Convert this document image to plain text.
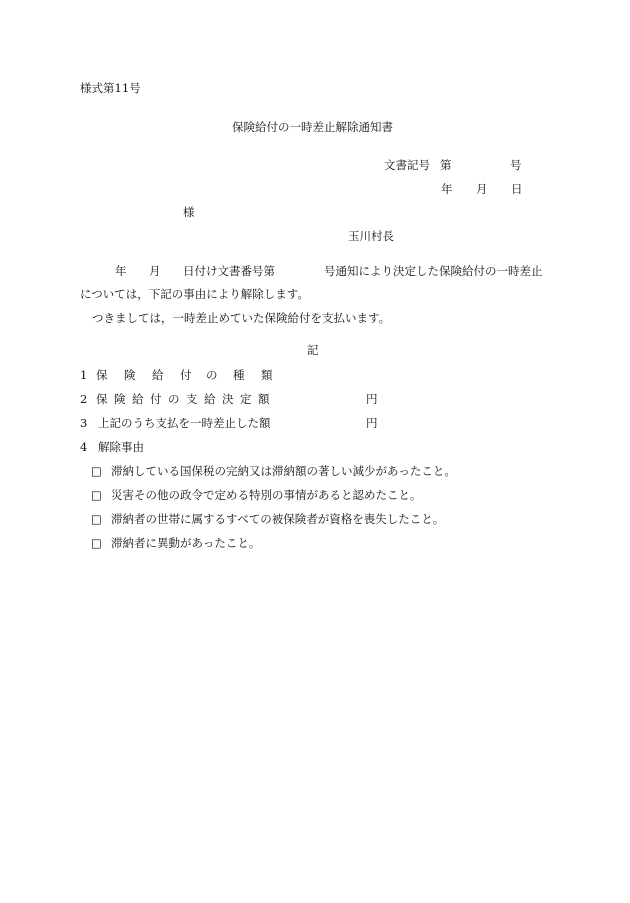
様式第11号
保険給付の一時差止解除通知書
文書記号 第	号
年 月 日
様
玉川村長
年 月 日付け文書番号第	号通知により決定した保険給付の一時差止
については，下記の事由により解除します。
つきましては，一時差止めていた保険給付を支払います。
記
1 保 険 給 付 の 種 類
2 保 険 給 付 の 支 給 決 定 額	円
3 上記のうち支払を一時差止した額	円
4 解除事由
□ 滞納している国保税の完納又は滞納額の著しい減少があったこと。
□ 災害その他の政令で定める特別の事情があると認めたこと。
□ 滞納者の世帯に属するすべての被保険者が資格を喪失したこと。
□ 滞納者に異動があったこと。
